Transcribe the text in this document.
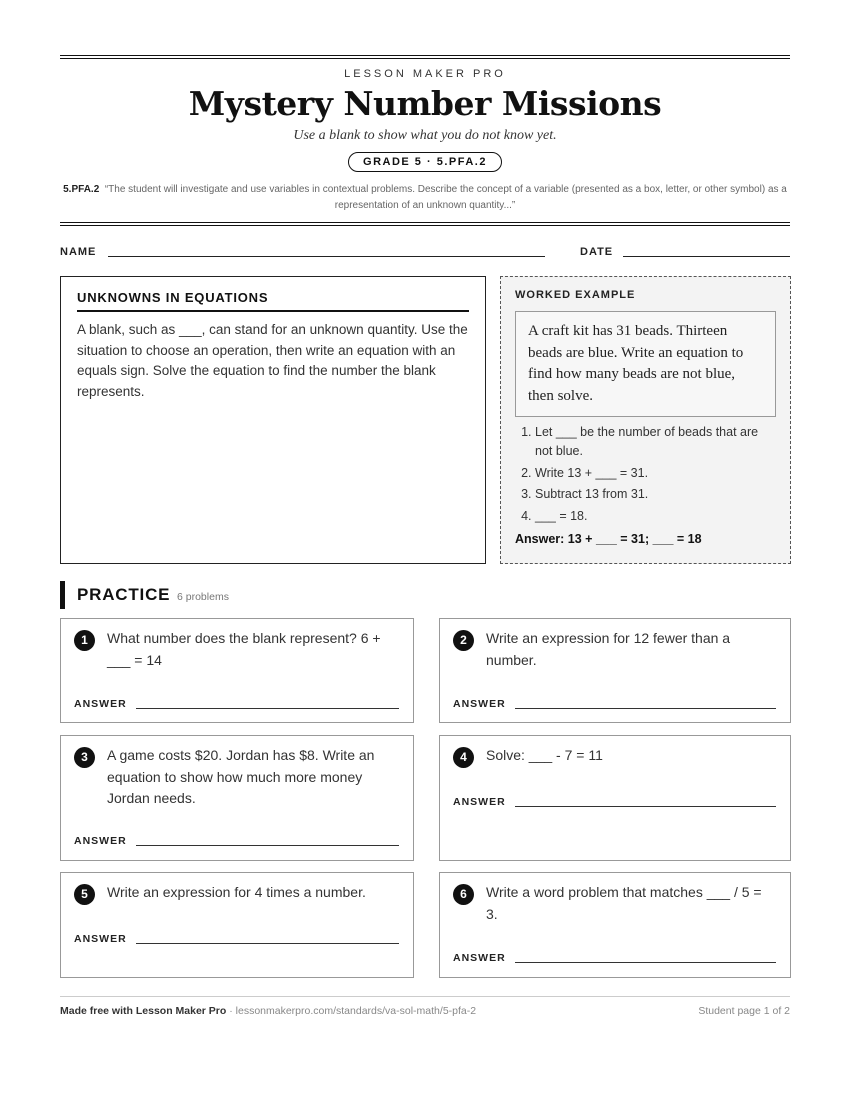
LESSON MAKER PRO
Mystery Number Missions
Use a blank to show what you do not know yet.
GRADE 5 · 5.PFA.2
5.PFA.2 “The student will investigate and use variables in contextual problems. Describe the concept of a variable (presented as a box, letter, or other symbol) as a representation of an unknown quantity...”
NAME	DATE
UNKNOWNS IN EQUATIONS
A blank, such as ___, can stand for an unknown quantity. Use the situation to choose an operation, then write an equation with an equals sign. Solve the equation to find the number the blank represents.
WORKED EXAMPLE
A craft kit has 31 beads. Thirteen beads are blue. Write an equation to find how many beads are not blue, then solve.
1. Let ___ be the number of beads that are not blue.
2. Write 13 + ___ = 31.
3. Subtract 13 from 31.
4. ___ = 18.
Answer: 13 + ___ = 31; ___ = 18
PRACTICE 6 problems
1	What number does the blank represent? 6 + ___ = 14
ANSWER
2	Write an expression for 12 fewer than a number.
ANSWER
3	A game costs $20. Jordan has $8. Write an equation to show how much more money Jordan needs.
ANSWER
4	Solve: ___ - 7 = 11
ANSWER
5	Write an expression for 4 times a number.
ANSWER
6	Write a word problem that matches ___ / 5 = 3.
ANSWER
Made free with Lesson Maker Pro · lessonmakerpro.com/standards/va-sol-math/5-pfa-2	Student page 1 of 2
